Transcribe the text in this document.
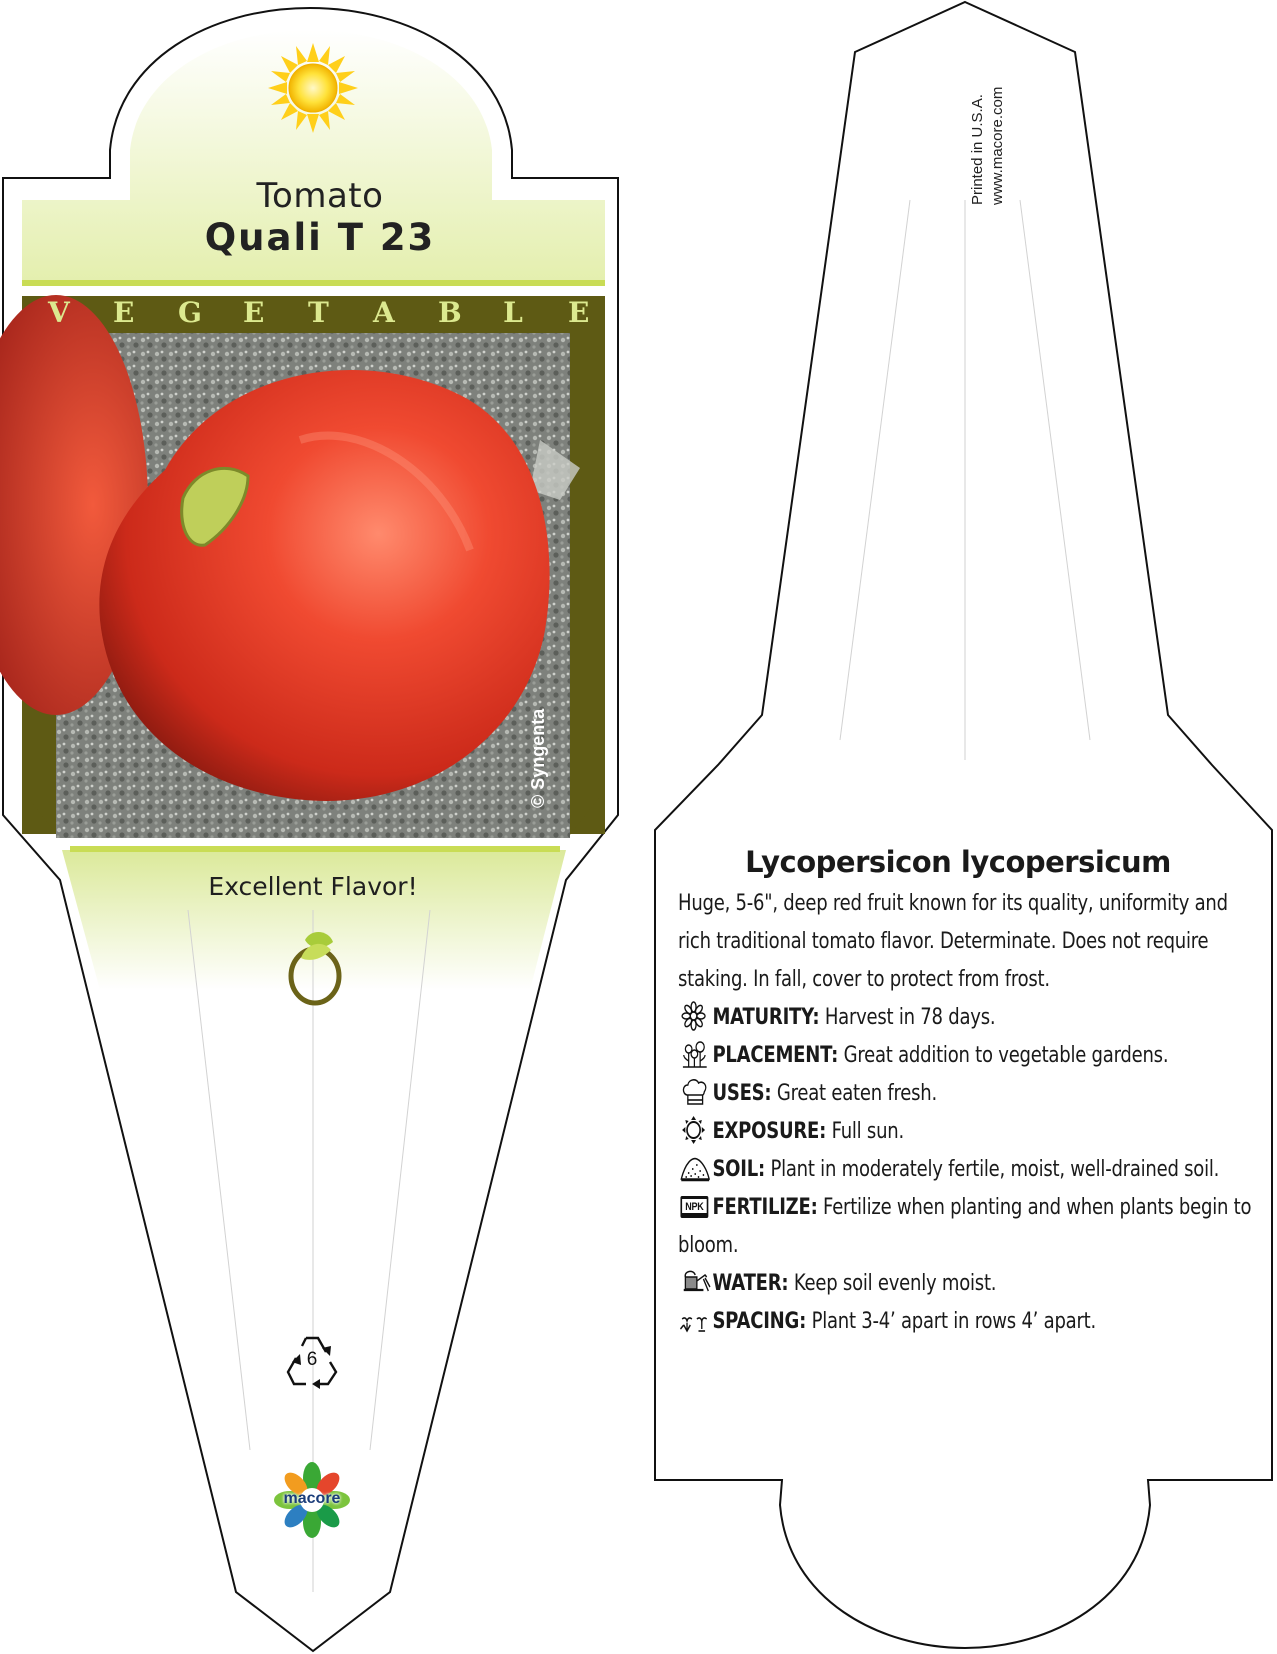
Tomato
Quali T 23
V E G E T A B L E
© Syngenta
Excellent Flavor!
6
macore
Printed in U.S.A. www.macore.com
Lycopersicon lycopersicum
Huge, 5-6", deep red fruit known for its quality, uniformity and rich traditional tomato flavor. Determinate. Does not require staking. In fall, cover to protect from frost.
MATURITY: Harvest in 78 days.
PLACEMENT: Great addition to vegetable gardens.
USES: Great eaten fresh.
EXPOSURE: Full sun.
SOIL: Plant in moderately fertile, moist, well-drained soil.
NPK FERTILIZE: Fertilize when planting and when plants begin to bloom.
WATER: Keep soil evenly moist.
SPACING: Plant 3-4’ apart in rows 4’ apart.
